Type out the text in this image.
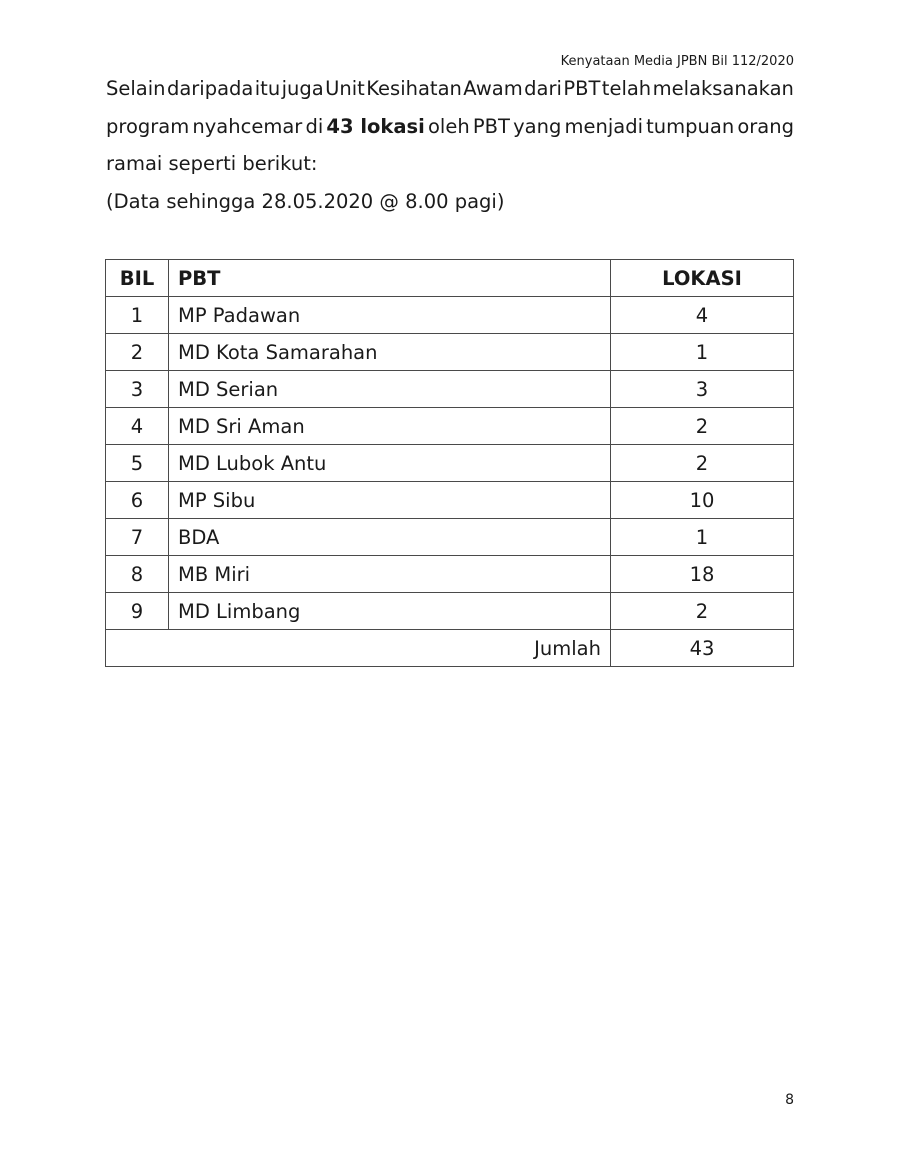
Kenyataan Media JPBN Bil 112/2020
Selain daripada itu juga Unit Kesihatan Awam dari PBT telah melaksanakan
program nyahcemar di 43 lokasi oleh PBT yang menjadi tumpuan orang
ramai seperti berikut:
(Data sehingga 28.05.2020 @ 8.00 pagi)
BIL	PBT	LOKASI
1	MP Padawan	4
2	MD Kota Samarahan	1
3	MD Serian	3
4	MD Sri Aman	2
5	MD Lubok Antu	2
6	MP Sibu	10
7	BDA	1
8	MB Miri	18
9	MD Limbang	2
Jumlah		43
8
